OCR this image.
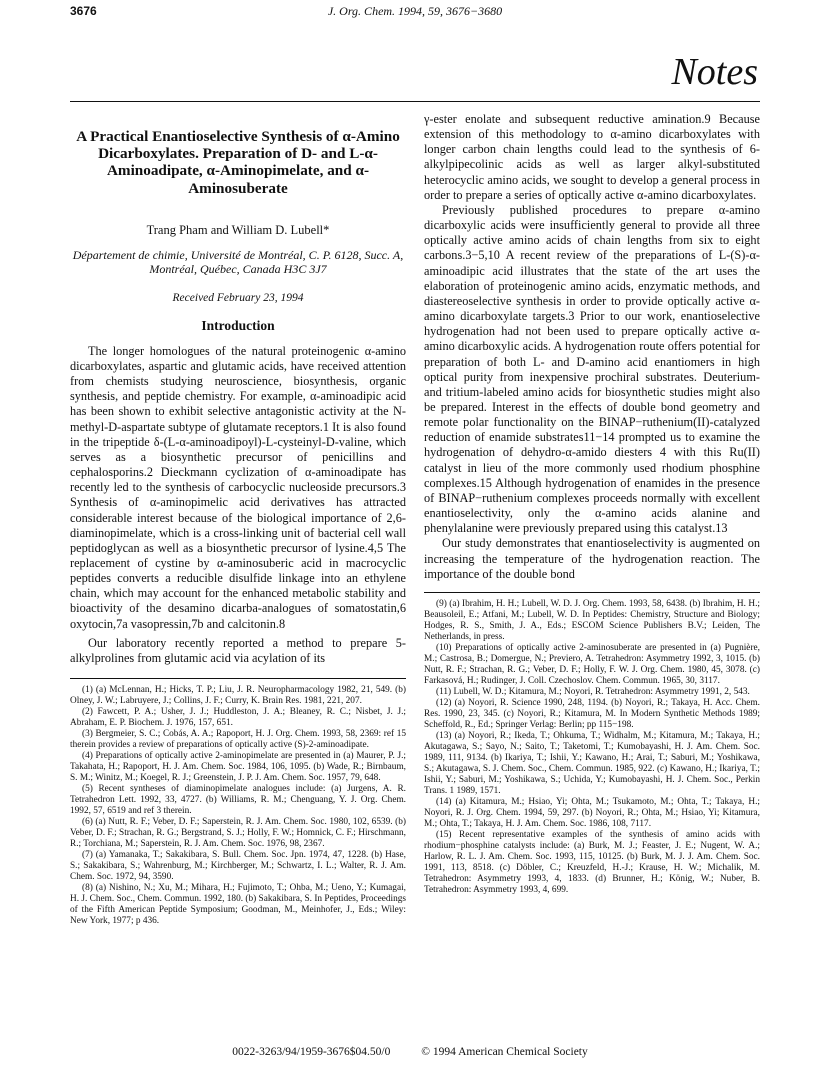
3676	J. Org. Chem. 1994, 59, 3676−3680
Notes
A Practical Enantioselective Synthesis of α-Amino Dicarboxylates. Preparation of D- and L-α-Aminoadipate, α-Aminopimelate, and α-Aminosuberate
Trang Pham and William D. Lubell*
Département de chimie, Université de Montréal, C. P. 6128, Succ. A, Montréal, Québec, Canada H3C 3J7
Received February 23, 1994
Introduction

The longer homologues of the natural proteinogenic α-amino dicarboxylates, aspartic and glutamic acids, have received attention from chemists studying neuroscience, biosynthesis, organic synthesis, and peptide chemistry. For example, α-aminoadipic acid has been shown to exhibit selective antagonistic activity at the N-methyl-D-aspartate subtype of glutamate receptors.1 It is also found in the tripeptide δ-(L-α-aminoadipoyl)-L-cysteinyl-D-valine, which serves as a biosynthetic precursor of penicillins and cephalosporins.2 Dieckmann cyclization of α-aminoadipate has recently led to the synthesis of carbocyclic nucleoside precursors.3 Synthesis of α-aminopimelic acid derivatives has attracted considerable interest because of the biological importance of 2,6-diaminopimelate, which is a cross-linking unit of bacterial cell wall peptidoglycan as well as a biosynthetic precursor of lysine.4,5 The replacement of cystine by α-aminosuberic acid in macrocyclic peptides converts a reducible disulfide linkage into an ethylene chain, which may account for the enhanced metabolic stability and bioactivity of the desamino dicarba-analogues of somatostatin,6 oxytocin,7a vasopressin,7b and calcitonin.8

Our laboratory recently reported a method to prepare 5-alkylprolines from glutamic acid via acylation of its

(1) (a) McLennan, H.; Hicks, T. P.; Liu, J. R. Neuropharmacology 1982, 21, 549. (b) Olney, J. W.; Labruyere, J.; Collins, J. F.; Curry, K. Brain Res. 1981, 221, 207.

(2) Fawcett, P. A.; Usher, J. J.; Huddleston, J. A.; Bleaney, R. C.; Nisbet, J. J.; Abraham, E. P. Biochem. J. 1976, 157, 651.

(3) Bergmeier, S. C.; Cobás, A. A.; Rapoport, H. J. Org. Chem. 1993, 58, 2369: ref 15 therein provides a review of preparations of optically active (S)-2-aminoadipate.

(4) Preparations of optically active 2-aminopimelate are presented in (a) Maurer, P. J.; Takahata, H.; Rapoport, H. J. Am. Chem. Soc. 1984, 106, 1095. (b) Wade, R.; Birnbaum, S. M.; Winitz, M.; Koegel, R. J.; Greenstein, J. P. J. Am. Chem. Soc. 1957, 79, 648.

(5) Recent syntheses of diaminopimelate analogues include: (a) Jurgens, A. R. Tetrahedron Lett. 1992, 33, 4727. (b) Williams, R. M.; Chenguang, Y. J. Org. Chem. 1992, 57, 6519 and ref 3 therein.

(6) (a) Nutt, R. F.; Veber, D. F.; Saperstein, R. J. Am. Chem. Soc. 1980, 102, 6539. (b) Veber, D. F.; Strachan, R. G.; Bergstrand, S. J.; Holly, F. W.; Homnick, C. F.; Hirschmann, R.; Torchiana, M.; Saperstein, R. J. Am. Chem. Soc. 1976, 98, 2367.

(7) (a) Yamanaka, T.; Sakakibara, S. Bull. Chem. Soc. Jpn. 1974, 47, 1228. (b) Hase, S.; Sakakibara, S.; Wahrenburg, M.; Kirchberger, M.; Schwartz, I. L.; Walter, R. J. Am. Chem. Soc. 1972, 94, 3590.

(8) (a) Nishino, N.; Xu, M.; Mihara, H.; Fujimoto, T.; Ohba, M.; Ueno, Y.; Kumagai, H. J. Chem. Soc., Chem. Commun. 1992, 180. (b) Sakakibara, S. In Peptides, Proceedings of the Fifth American Peptide Symposium; Goodman, M., Meinhofer, J., Eds.; Wiley: New York, 1977; p 436.

γ-ester enolate and subsequent reductive amination.9 Because extension of this methodology to α-amino dicarboxylates with longer carbon chain lengths could lead to the synthesis of 6-alkylpipecolinic acids as well as larger alkyl-substituted heterocyclic amino acids, we sought to develop a general process in order to prepare a series of optically active α-amino dicarboxylates.

Previously published procedures to prepare α-amino dicarboxylic acids were insufficiently general to provide all three optically active amino acids of chain lengths from six to eight carbons.3−5,10 A recent review of the preparations of L-(S)-α-aminoadipic acid illustrates that the state of the art uses the elaboration of proteinogenic amino acids, enzymatic methods, and diastereoselective synthesis in order to provide optically active α-amino dicarboxylate targets.3 Prior to our work, enantioselective hydrogenation had not been used to prepare optically active α-amino dicarboxylic acids. A hydrogenation route offers potential for preparation of both L- and D-amino acid enantiomers in high optical purity from inexpensive prochiral substrates. Deuterium- and tritium-labeled amino acids for biosynthetic studies might also be prepared. Interest in the effects of double bond geometry and remote polar functionality on the BINAP−ruthenium(II)-catalyzed reduction of enamide substrates11−14 prompted us to examine the hydrogenation of dehydro-α-amido diesters 4 with this Ru(II) catalyst in lieu of the more commonly used rhodium phosphine complexes.15 Although hydrogenation of enamides in the presence of BINAP−ruthenium complexes proceeds normally with excellent enantioselectivity, only the α-amino acids alanine and phenylalanine were previously prepared using this catalyst.13

Our study demonstrates that enantioselectivity is augmented on increasing the temperature of the hydrogenation reaction. The importance of the double bond

(9) (a) Ibrahim, H. H.; Lubell, W. D. J. Org. Chem. 1993, 58, 6438. (b) Ibrahim, H. H.; Beausoleil, E.; Atfani, M.; Lubell, W. D. In Peptides: Chemistry, Structure and Biology; Hodges, R. S., Smith, J. A., Eds.; ESCOM Science Publishers B.V.; Leiden, The Netherlands, in press.

(10) Preparations of optically active 2-aminosuberate are presented in (a) Pugnière, M.; Castrosa, B.; Domergue, N.; Previero, A. Tetrahedron: Asymmetry 1992, 3, 1015. (b) Nutt, R. F.; Strachan, R. G.; Veber, D. F.; Holly, F. W. J. Org. Chem. 1980, 45, 3078. (c) Farkasová, H.; Rudinger, J. Coll. Czechoslov. Chem. Commun. 1965, 30, 3117.

(11) Lubell, W. D.; Kitamura, M.; Noyori, R. Tetrahedron: Asymmetry 1991, 2, 543.

(12) (a) Noyori, R. Science 1990, 248, 1194. (b) Noyori, R.; Takaya, H. Acc. Chem. Res. 1990, 23, 345. (c) Noyori, R.; Kitamura, M. In Modern Synthetic Methods 1989; Scheffold, R., Ed.; Springer Verlag: Berlin; pp 115−198.

(13) (a) Noyori, R.; Ikeda, T.; Ohkuma, T.; Widhalm, M.; Kitamura, M.; Takaya, H.; Akutagawa, S.; Sayo, N.; Saito, T.; Taketomi, T.; Kumobayashi, H. J. Am. Chem. Soc. 1989, 111, 9134. (b) Ikariya, T.; Ishii, Y.; Kawano, H.; Arai, T.; Saburi, M.; Yoshikawa, S.; Akutagawa, S. J. Chem. Soc., Chem. Commun. 1985, 922. (c) Kawano, H.; Ikariya, T.; Ishii, Y.; Saburi, M.; Yoshikawa, S.; Uchida, Y.; Kumobayashi, H. J. Chem. Soc., Perkin Trans. 1 1989, 1571.

(14) (a) Kitamura, M.; Hsiao, Yi; Ohta, M.; Tsukamoto, M.; Ohta, T.; Takaya, H.; Noyori, R. J. Org. Chem. 1994, 59, 297. (b) Noyori, R.; Ohta, M.; Hsiao, Yi; Kitamura, M.; Ohta, T.; Takaya, H. J. Am. Chem. Soc. 1986, 108, 7117.

(15) Recent representative examples of the synthesis of amino acids with rhodium−phosphine catalysts include: (a) Burk, M. J.; Feaster, J. E.; Nugent, W. A.; Harlow, R. L. J. Am. Chem. Soc. 1993, 115, 10125. (b) Burk, M. J. J. Am. Chem. Soc. 1991, 113, 8518. (c) Döbler, C.; Kreuzfeld, H.-J.; Krause, H. W.; Michalik, M. Tetrahedron: Asymmetry 1993, 4, 1833. (d) Brunner, H.; König, W.; Nuber, B. Tetrahedron: Asymmetry 1993, 4, 699.

0022-3263/94/1959-3676$04.50/0	© 1994 American Chemical Society
